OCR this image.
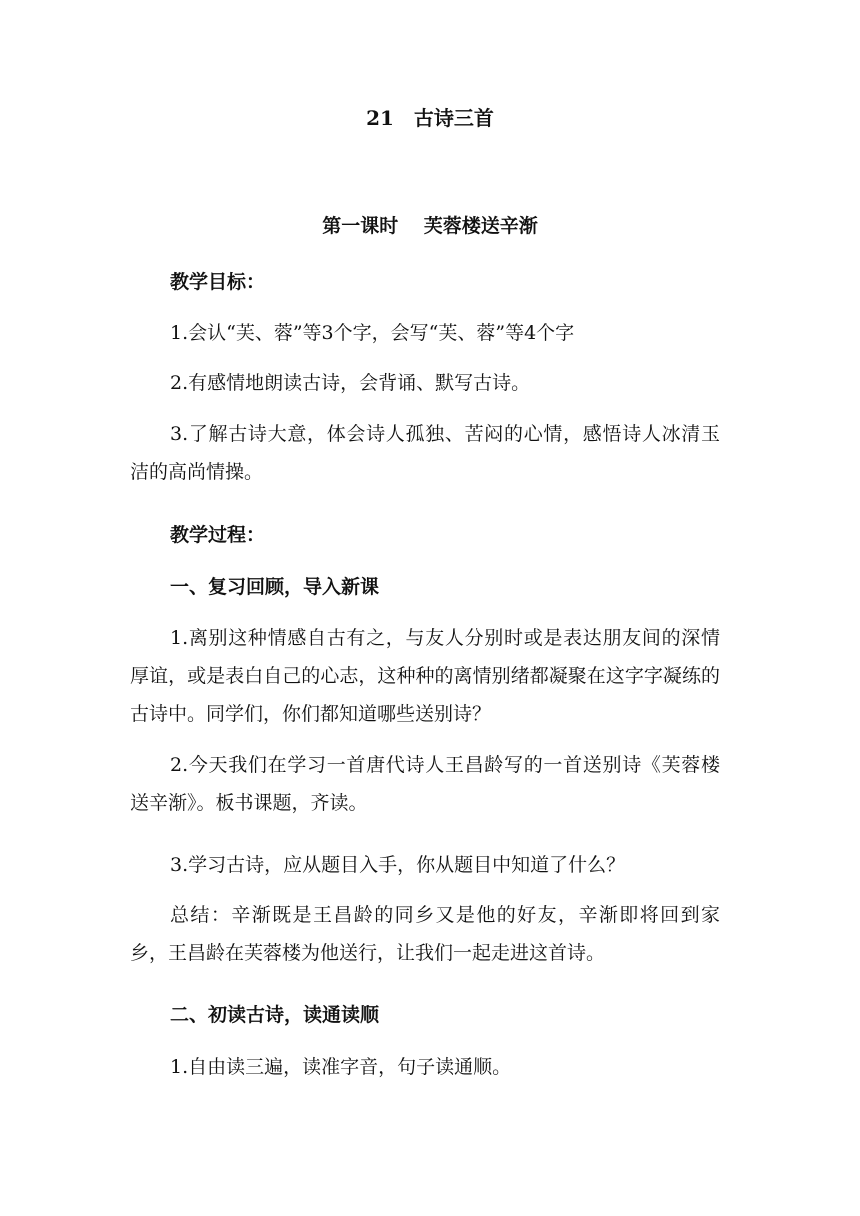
21　古诗三首
第一课时　 芙蓉楼送辛渐

教学目标：

1.会认“芙、蓉”等3个字，会写“芙、蓉”等4个字

2.有感情地朗读古诗，会背诵、默写古诗。

3.了解古诗大意，体会诗人孤独、苦闷的心情，感悟诗人冰清玉洁的高尚情操。

教学过程：

一、复习回顾，导入新课

1.离别这种情感自古有之，与友人分别时或是表达朋友间的深情厚谊，或是表白自己的心志，这种种的离情别绪都凝聚在这字字凝练的古诗中。同学们，你们都知道哪些送别诗？

2.今天我们在学习一首唐代诗人王昌龄写的一首送别诗《芙蓉楼送辛渐》。板书课题，齐读。

3.学习古诗，应从题目入手，你从题目中知道了什么？

总结：辛渐既是王昌龄的同乡又是他的好友，辛渐即将回到家乡，王昌龄在芙蓉楼为他送行，让我们一起走进这首诗。

二、初读古诗，读通读顺

1.自由读三遍，读准字音，句子读通顺。
